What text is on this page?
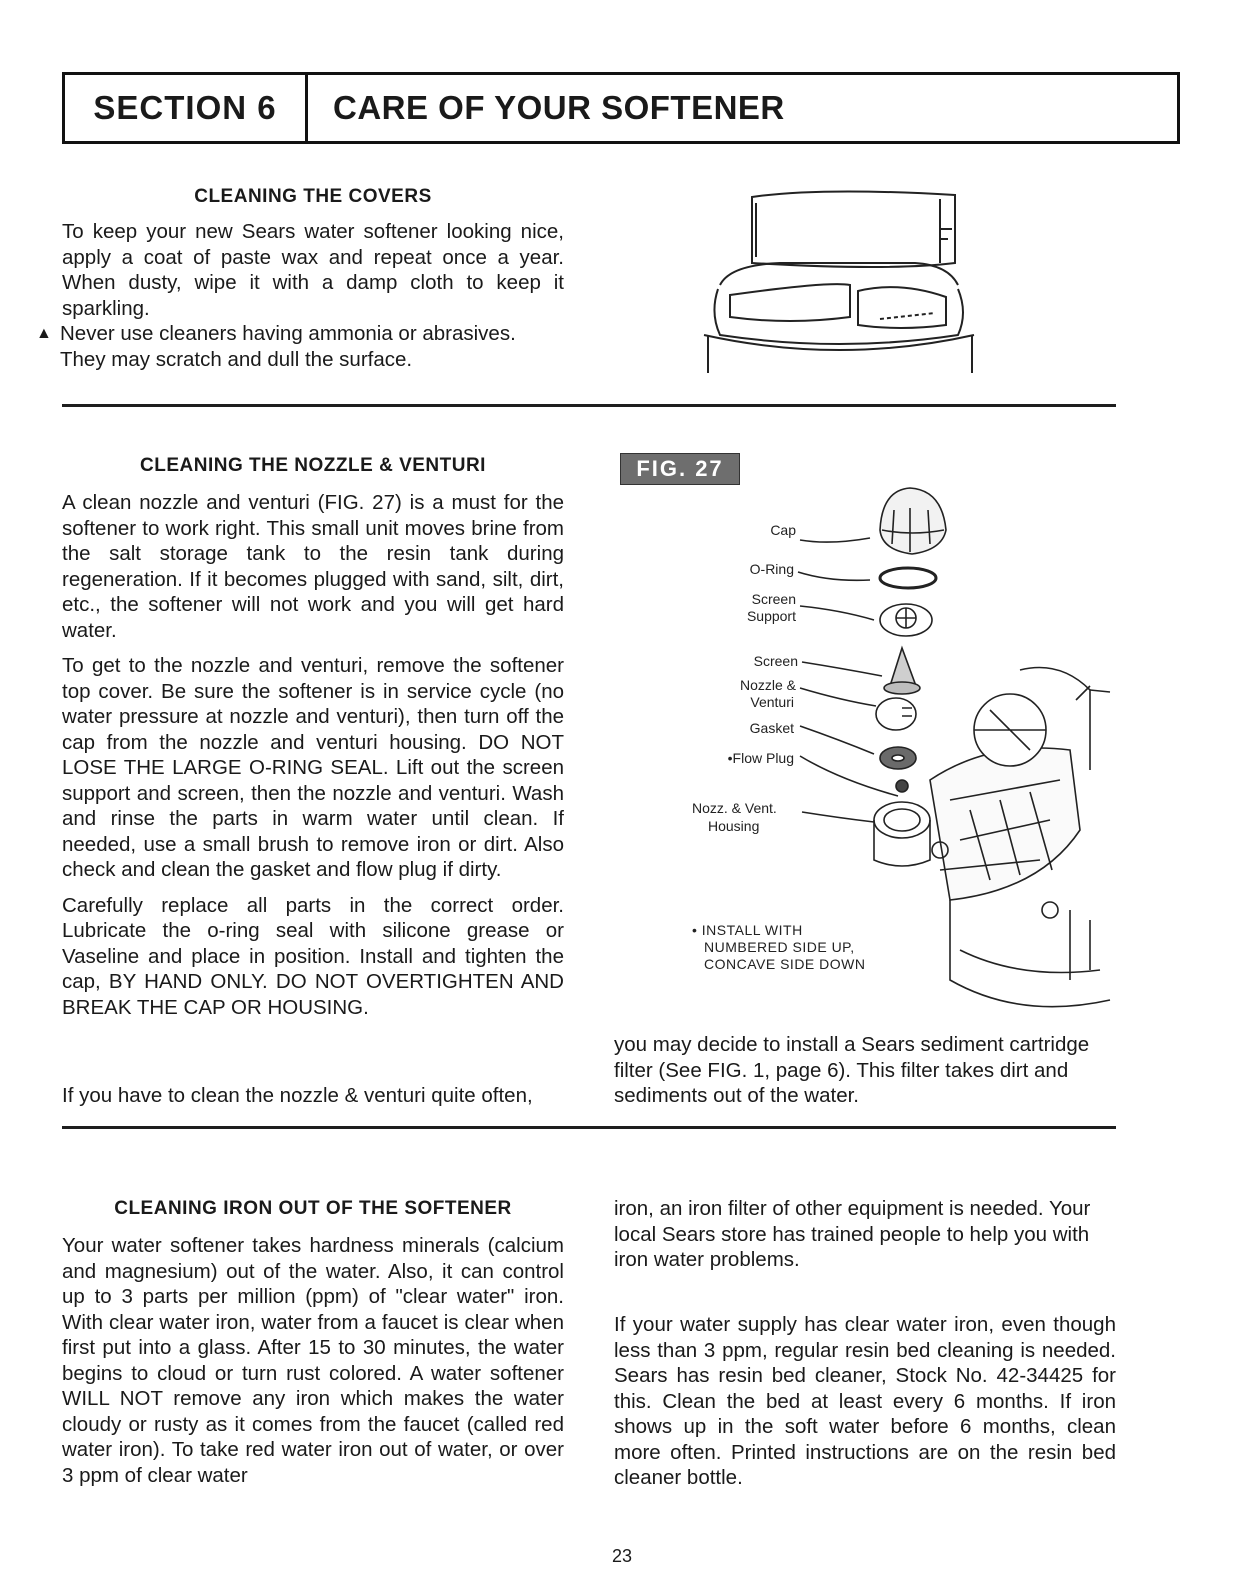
SECTION 6	CARE OF YOUR SOFTENER
CLEANING THE COVERS

To keep your new Sears water softener looking nice, apply a coat of paste wax and repeat once a year. When dusty, wipe it with a damp cloth to keep it sparkling.

▲ Never use cleaners having ammonia or abrasives. They may scratch and dull the surface.

CLEANING THE NOZZLE & VENTURI

A clean nozzle and venturi (FIG. 27) is a must for the softener to work right. This small unit moves brine from the salt storage tank to the resin tank during regeneration. If it becomes plugged with sand, silt, dirt, etc., the softener will not work and you will get hard water.

To get to the nozzle and venturi, remove the softener top cover. Be sure the softener is in service cycle (no water pressure at nozzle and venturi), then turn off the cap from the nozzle and venturi housing. DO NOT LOSE THE LARGE O-RING SEAL. Lift out the screen support and screen, then the nozzle and venturi. Wash and rinse the parts in warm water until clean. If needed, use a small brush to remove iron or dirt. Also check and clean the gasket and flow plug if dirty.

Carefully replace all parts in the correct order. Lubricate the o-ring seal with silicone grease or Vaseline and place in position. Install and tighten the cap, BY HAND ONLY. DO NOT OVERTIGHTEN AND BREAK THE CAP OR HOUSING.

If you have to clean the nozzle & venturi quite often,

you may decide to install a Sears sediment cartridge filter (See FIG. 1, page 6). This filter takes dirt and sediments out of the water.

FIG. 27
Cap
O-Ring
Screen
Support
Screen
Nozzle &
Venturi
Gasket
•Flow Plug
Nozz. & Vent.
Housing
• INSTALL WITH
NUMBERED SIDE UP,
CONCAVE SIDE DOWN
CLEANING IRON OUT OF THE SOFTENER

Your water softener takes hardness minerals (calcium and magnesium) out of the water. Also, it can control up to 3 parts per million (ppm) of "clear water" iron. With clear water iron, water from a faucet is clear when first put into a glass. After 15 to 30 minutes, the water begins to cloud or turn rust colored. A water softener WILL NOT remove any iron which makes the water cloudy or rusty as it comes from the faucet (called red water iron). To take red water iron out of water, or over 3 ppm of clear water

iron, an iron filter of other equipment is needed. Your local Sears store has trained people to help you with iron water problems.

If your water supply has clear water iron, even though less than 3 ppm, regular resin bed cleaning is needed. Sears has resin bed cleaner, Stock No. 42-34425 for this. Clean the bed at least every 6 months. If iron shows up in the soft water before 6 months, clean more often. Printed instructions are on the resin bed cleaner bottle.

23
